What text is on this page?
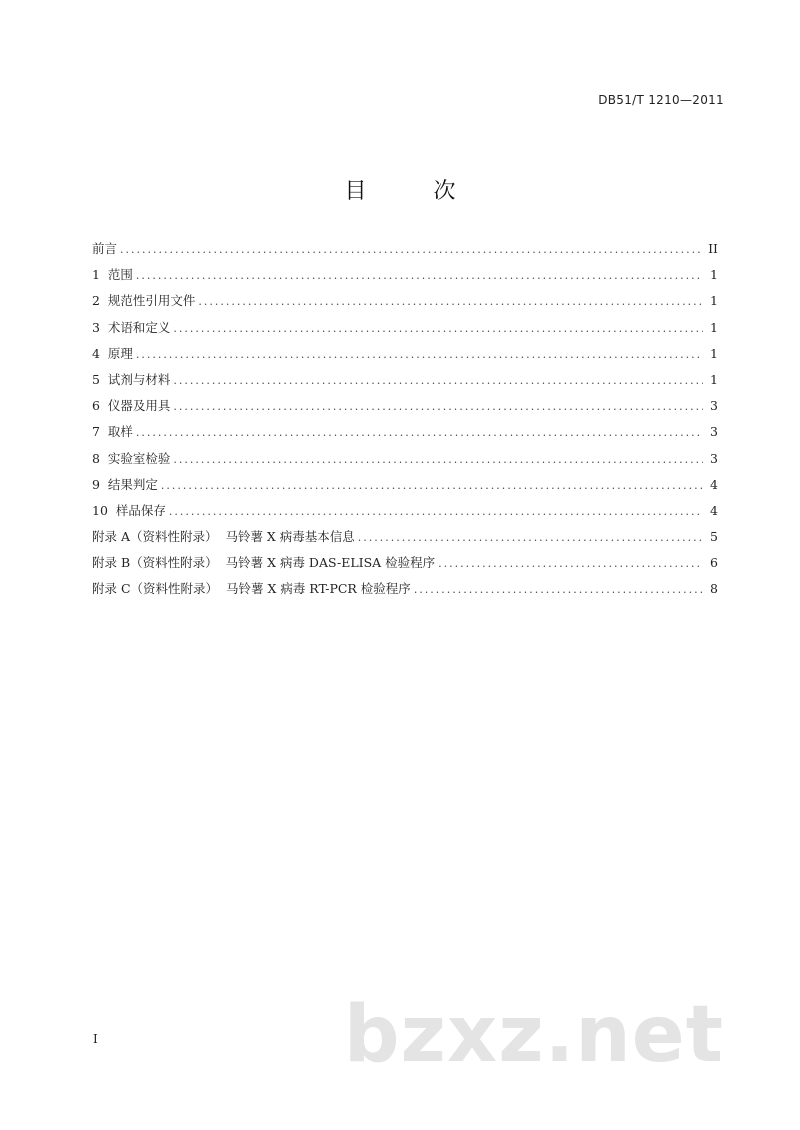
DB51/T 1210—2011
目 次
前言 .....	II
1 范围 .....	1
2 规范性引用文件 .....	1
3 术语和定义 .....	1
4 原理 .....	1
5 试剂与材料 .....	1
6 仪器及用具 .....	3
7 取样 .....	3
8 实验室检验 .....	3
9 结果判定 .....	4
10 样品保存 .....	4
附录 A（资料性附录）  马铃薯 X 病毒基本信息 .....	5
附录 B（资料性附录）  马铃薯 X 病毒 DAS-ELISA 检验程序 .....	6
附录 C（资料性附录）  马铃薯 X 病毒 RT-PCR 检验程序 .....	8
I	bzxz.net
